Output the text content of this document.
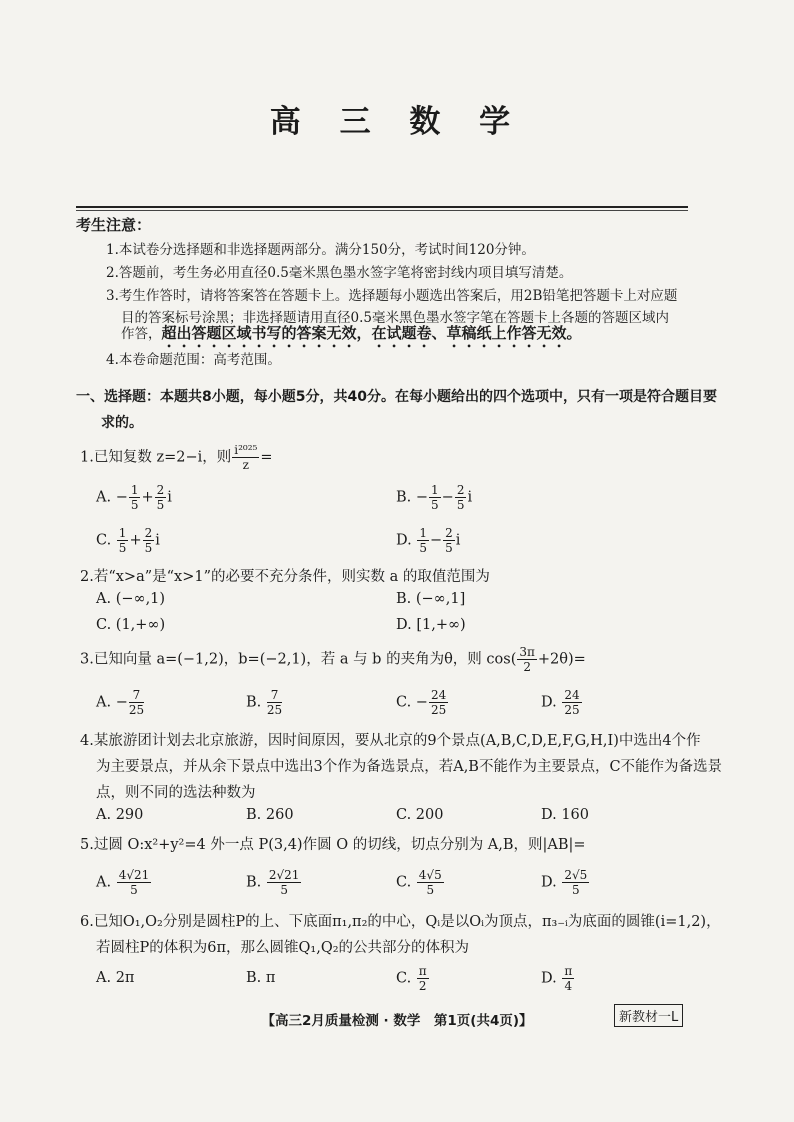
高 三 数 学
考生注意：
1.本试卷分选择题和非选择题两部分。满分150分，考试时间120分钟。
2.答题前，考生务必用直径0.5毫米黑色墨水签字笔将密封线内项目填写清楚。
3.考生作答时，请将答案答在答题卡上。选择题每小题选出答案后，用2B铅笔把答题卡上对应题
目的答案标号涂黑；非选择题请用直径0.5毫米黑色墨水签字笔在答题卡上各题的答题区域内
作答，超出答题区域书写的答案无效，在试题卷、草稿纸上作答无效。
4.本卷命题范围：高考范围。
一、选择题：本题共8小题，每小题5分，共40分。在每小题给出的四个选项中，只有一项是符合题目要
求的。
1.已知复数 z=2−i，则 $\frac{\text{i²⁰²⁵}}{z}$ =
A. − $\frac{1}{5} + \frac{2}{5}$ i	B. − $\frac{1}{5} - \frac{2}{5}$ i
C. $\frac{1}{5} + \frac{2}{5}$ i	D. $\frac{1}{5} - \frac{2}{5}$ i
2.若“x>a”是“x>1”的必要不充分条件，则实数 a 的取值范围为
A. (−∞,1)	B. (−∞,1]
C. (1,+∞)	D. [1,+∞)
3.已知向量 a=(−1,2)，b=(−2,1)，若 a 与 b 的夹角为θ，则 $\cos( \frac{3\pi}{2} +2\theta)=$
A. − $\frac{7}{25}$	B. $\frac{7}{25}$	C. − $\frac{24}{25}$	D. $\frac{24}{25}$
4.某旅游团计划去北京旅游，因时间原因，要从北京的9个景点(A,B,C,D,E,F,G,H,I)中选出4个作
为主要景点，并从余下景点中选出3个作为备选景点，若A,B不能作为主要景点，C不能作为备选景
点，则不同的选法种数为
A. 290	B. 260	C. 200	D. 160
5.过圆 O:x²+y²=4 外一点 P(3,4)作圆 O 的切线，切点分别为 A,B，则|AB|=
A. $\frac{4√21}{5}$	B. $\frac{2√21}{5}$	C. $\frac{4√5}{5}$	D. $\frac{2√5}{5}$
6.已知O₁,O₂分别是圆柱P的上、下底面π₁,π₂的中心，Qᵢ是以Oᵢ为顶点，π₃₋ᵢ为底面的圆锥(i=1,2)，
若圆柱P的体积为6π，那么圆锥Q₁,Q₂的公共部分的体积为
A. 2π	B. π	C. $\frac{\pi}{2}$	D. $\frac{\pi}{4}$
【高三2月质量检测 · 数学　第1页(共4页)】	新教材一L
